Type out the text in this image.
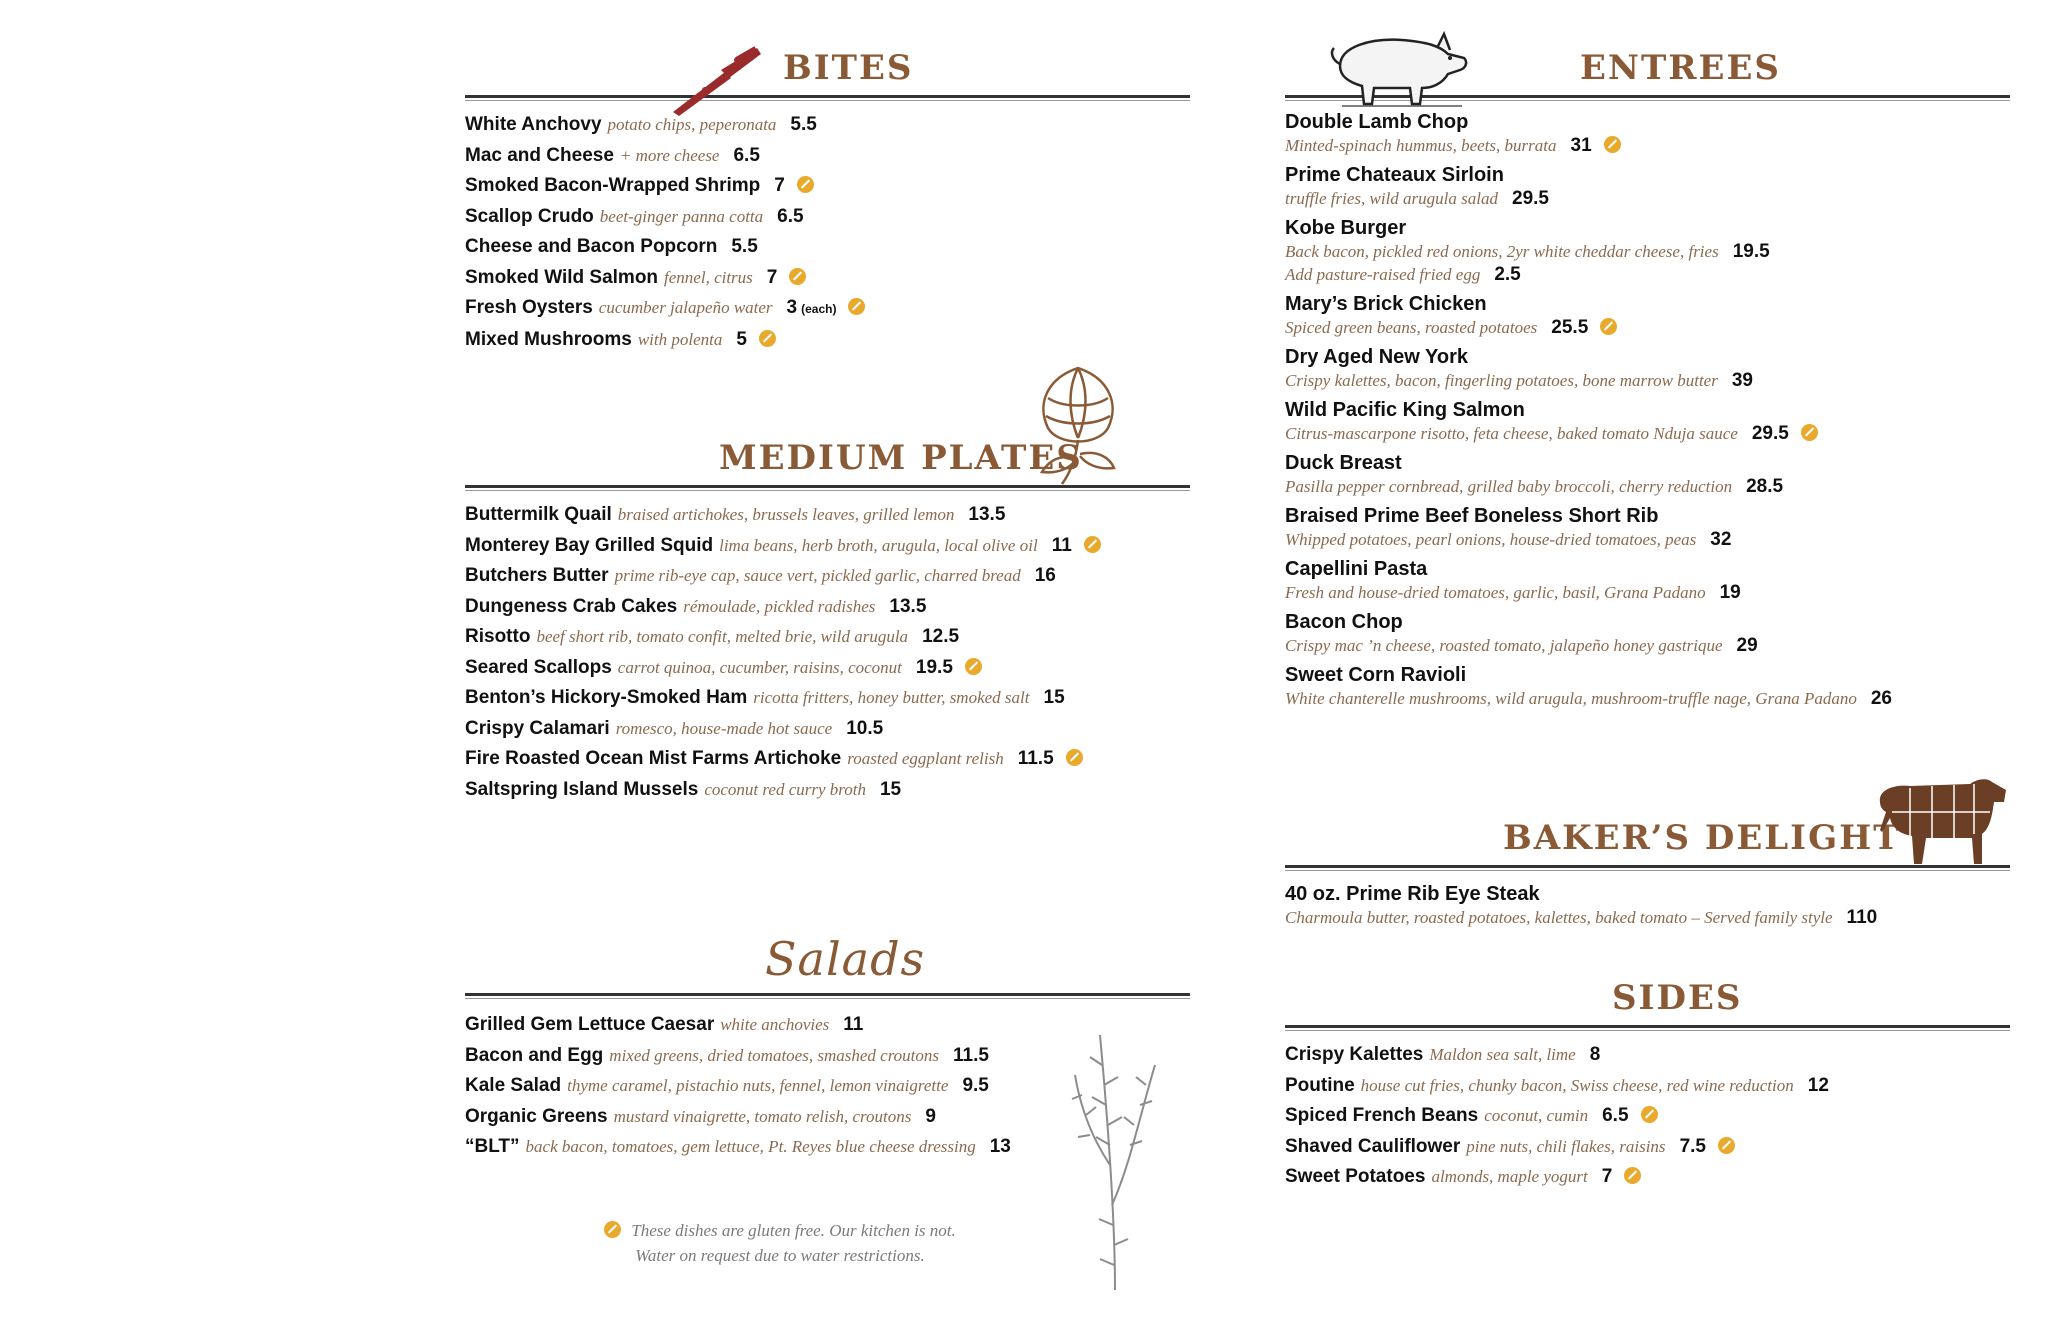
BITES
White Anchovy potato chips, peperonata 5.5
Mac and Cheese + more cheese 6.5
Smoked Bacon-Wrapped Shrimp 7
Scallop Crudo beet-ginger panna cotta 6.5
Cheese and Bacon Popcorn 5.5
Smoked Wild Salmon fennel, citrus 7
Fresh Oysters cucumber jalapeño water 3 (each)
Mixed Mushrooms with polenta 5
MEDIUM PLATES
Buttermilk Quail braised artichokes, brussels leaves, grilled lemon 13.5
Monterey Bay Grilled Squid lima beans, herb broth, arugula, local olive oil 11
Butchers Butter prime rib-eye cap, sauce vert, pickled garlic, charred bread 16
Dungeness Crab Cakes rémoulade, pickled radishes 13.5
Risotto beef short rib, tomato confit, melted brie, wild arugula 12.5
Seared Scallops carrot quinoa, cucumber, raisins, coconut 19.5
Benton’s Hickory-Smoked Ham ricotta fritters, honey butter, smoked salt 15
Crispy Calamari romesco, house-made hot sauce 10.5
Fire Roasted Ocean Mist Farms Artichoke roasted eggplant relish 11.5
Saltspring Island Mussels coconut red curry broth 15
Salads
Grilled Gem Lettuce Caesar white anchovies 11
Bacon and Egg mixed greens, dried tomatoes, smashed croutons 11.5
Kale Salad thyme caramel, pistachio nuts, fennel, lemon vinaigrette 9.5
Organic Greens mustard vinaigrette, tomato relish, croutons 9
“BLT” back bacon, tomatoes, gem lettuce, Pt. Reyes blue cheese dressing 13
These dishes are gluten free. Our kitchen is not.
Water on request due to water restrictions.
ENTREES
Double Lamb Chop
Minted-spinach hummus, beets, burrata 31
Prime Chateaux Sirloin
truffle fries, wild arugula salad 29.5
Kobe Burger
Back bacon, pickled red onions, 2yr white cheddar cheese, fries 19.5
Add pasture-raised fried egg 2.5
Mary’s Brick Chicken
Spiced green beans, roasted potatoes 25.5
Dry Aged New York
Crispy kalettes, bacon, fingerling potatoes, bone marrow butter 39
Wild Pacific King Salmon
Citrus-mascarpone risotto, feta cheese, baked tomato Nduja sauce 29.5
Duck Breast
Pasilla pepper cornbread, grilled baby broccoli, cherry reduction 28.5
Braised Prime Beef Boneless Short Rib
Whipped potatoes, pearl onions, house-dried tomatoes, peas 32
Capellini Pasta
Fresh and house-dried tomatoes, garlic, basil, Grana Padano 19
Bacon Chop
Crispy mac ’n cheese, roasted tomato, jalapeño honey gastrique 29
Sweet Corn Ravioli
White chanterelle mushrooms, wild arugula, mushroom-truffle nage, Grana Padano 26
BAKER’S DELIGHT
40 oz. Prime Rib Eye Steak
Charmoula butter, roasted potatoes, kalettes, baked tomato – Served family style 110
SIDES
Crispy Kalettes Maldon sea salt, lime 8
Poutine house cut fries, chunky bacon, Swiss cheese, red wine reduction 12
Spiced French Beans coconut, cumin 6.5
Shaved Cauliflower pine nuts, chili flakes, raisins 7.5
Sweet Potatoes almonds, maple yogurt 7
